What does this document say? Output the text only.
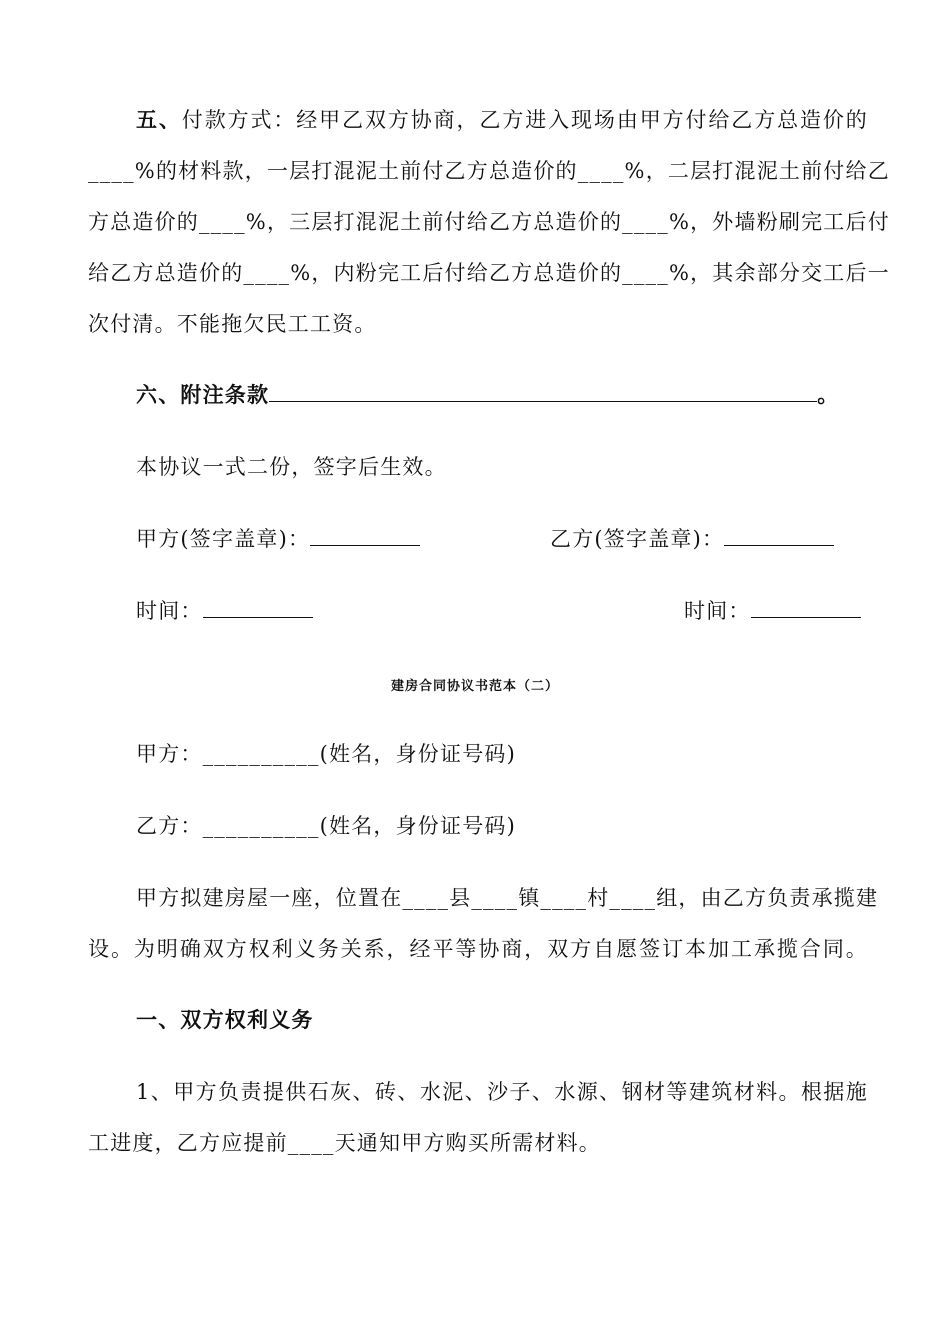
五、付款方式：经甲乙双方协商，乙方进入现场由甲方付给乙方总造价的
____%的材料款，一层打混泥土前付乙方总造价的____%，二层打混泥土前付给乙
方总造价的____%，三层打混泥土前付给乙方总造价的____%，外墙粉刷完工后付
给乙方总造价的____%，内粉完工后付给乙方总造价的____%，其余部分交工后一
次付清。不能拖欠民工工资。
六、附注条款	。
本协议一式二份，签字后生效。
甲方(签字盖章)：	乙方(签字盖章)：
时间：	时间：
建房合同协议书范本（二）
甲方：__________(姓名，身份证号码)
乙方：__________(姓名，身份证号码)
甲方拟建房屋一座，位置在____县____镇____村____组，由乙方负责承揽建
设。为明确双方权利义务关系，经平等协商，双方自愿签订本加工承揽合同。
一、双方权利义务
1、甲方负责提供石灰、砖、水泥、沙子、水源、钢材等建筑材料。根据施
工进度，乙方应提前____天通知甲方购买所需材料。
